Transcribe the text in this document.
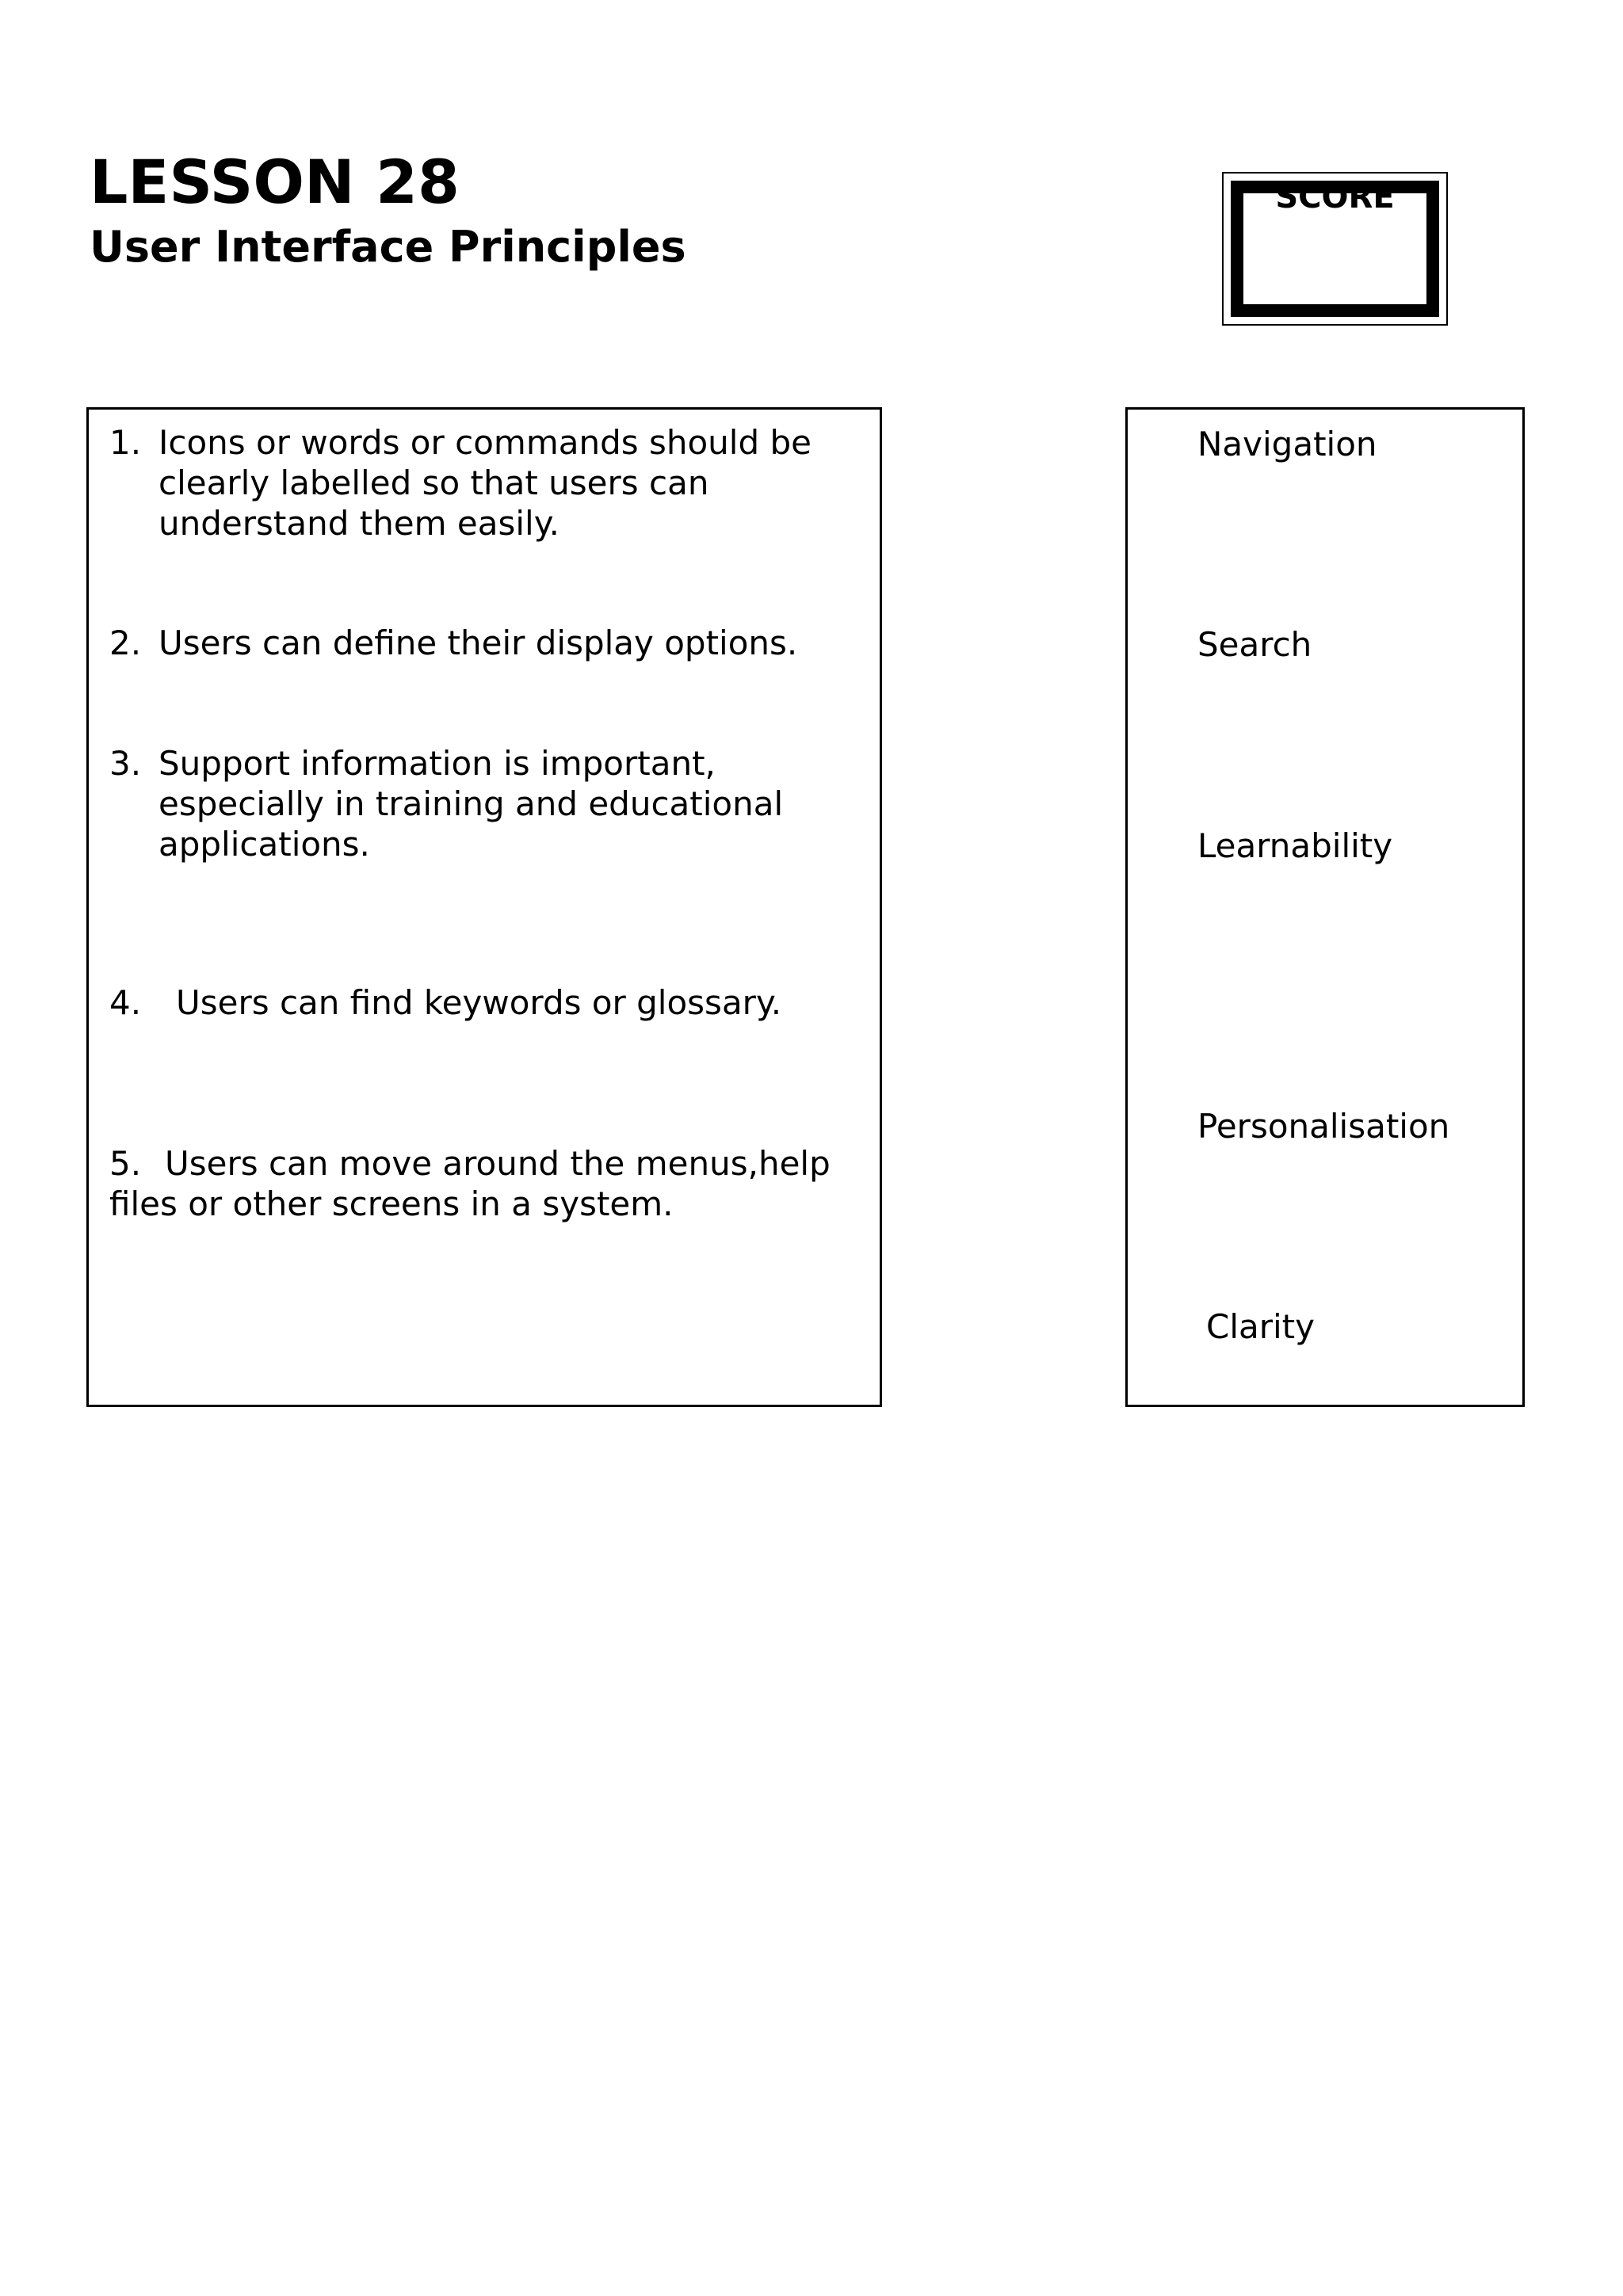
LESSON 28
User Interface Principles
SCORE
1. Icons or words or commands should be
clearly labelled so that users can
understand them easily.
2. Users can define their display options.
3. Support information is important,
especially in training and educational
applications.
4. Users can find keywords or glossary.
5. Users can move around the menus,help
files or other screens in a system.
Navigation
Search
Learnability
Personalisation
Clarity
